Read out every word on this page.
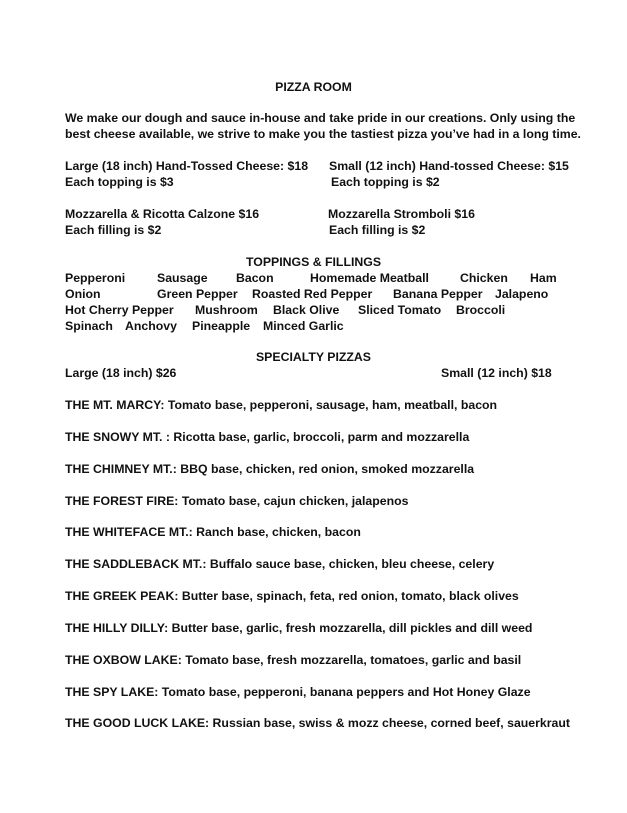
PIZZA ROOM
We make our dough and sauce in-house and take pride in our creations. Only using the
best cheese available, we strive to make you the tastiest pizza you’ve had in a long time.
Large (18 inch) Hand-Tossed Cheese: $18
Each topping is $3
Small (12 inch) Hand-tossed Cheese: $15
Each topping is $2
Mozzarella & Ricotta Calzone $16
Each filling is $2
Mozzarella Stromboli $16
Each filling is $2
TOPPINGS & FILLINGS
Pepperoni	Sausage Bacon	Homemade Meatball	Chicken Ham
Onion	Green Pepper Roasted Red Pepper Banana Pepper Jalapeno
Hot Cherry Pepper Mushroom Black Olive Sliced Tomato Broccoli
Spinach Anchovy Pineapple Minced Garlic
SPECIALTY PIZZAS
Large (18 inch) $26	Small (12 inch) $18
THE MT. MARCY: Tomato base, pepperoni, sausage, ham, meatball, bacon
THE SNOWY MT. : Ricotta base, garlic, broccoli, parm and mozzarella
THE CHIMNEY MT.: BBQ base, chicken, red onion, smoked mozzarella
THE FOREST FIRE: Tomato base, cajun chicken, jalapenos
THE WHITEFACE MT.: Ranch base, chicken, bacon
THE SADDLEBACK MT.: Buffalo sauce base, chicken, bleu cheese, celery
THE GREEK PEAK: Butter base, spinach, feta, red onion, tomato, black olives
THE HILLY DILLY: Butter base, garlic, fresh mozzarella, dill pickles and dill weed
THE OXBOW LAKE: Tomato base, fresh mozzarella, tomatoes, garlic and basil
THE SPY LAKE: Tomato base, pepperoni, banana peppers and Hot Honey Glaze
THE GOOD LUCK LAKE: Russian base, swiss & mozz cheese, corned beef, sauerkraut
